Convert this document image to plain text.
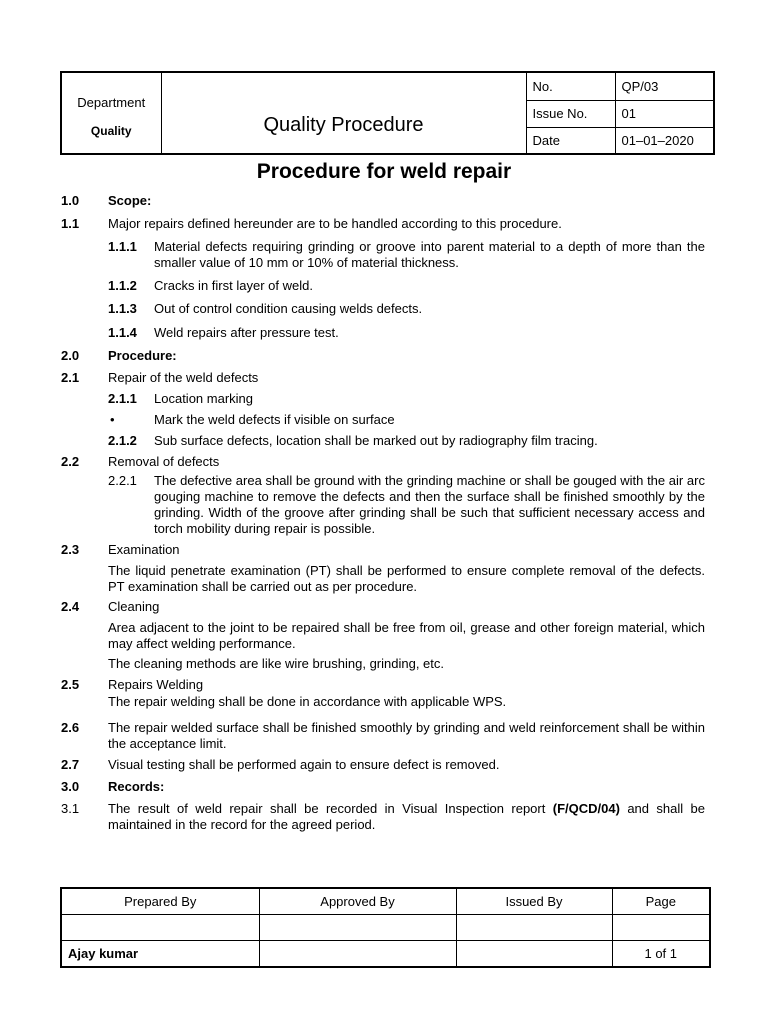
Department
Quality	Quality Procedure	No.	QP/03
		Issue No.	01
		Date	01–01–2020
Procedure for weld repair
1.0 Scope:
1.1 Major repairs defined hereunder are to be handled according to this procedure.
1.1.1 Material defects requiring grinding or groove into parent material to a depth of more than the smaller value of 10 mm or 10% of material thickness.
1.1.2 Cracks in first layer of weld.
1.1.3 Out of control condition causing welds defects.
1.1.4 Weld repairs after pressure test.
2.0 Procedure:
2.1 Repair of the weld defects
2.1.1 Location marking
•	Mark the weld defects if visible on surface
2.1.2 Sub surface defects, location shall be marked out by radiography film tracing.
2.2 Removal of defects
2.2.1 The defective area shall be ground with the grinding machine or shall be gouged with the air arc gouging machine to remove the defects and then the surface shall be finished smoothly by the grinding. Width of the groove after grinding shall be such that sufficient necessary access and torch mobility during repair is possible.
2.3 Examination
The liquid penetrate examination (PT) shall be performed to ensure complete removal of the defects. PT examination shall be carried out as per procedure.
2.4 Cleaning
Area adjacent to the joint to be repaired shall be free from oil, grease and other foreign material, which may affect welding performance.
The cleaning methods are like wire brushing, grinding, etc.
2.5 Repairs Welding
The repair welding shall be done in accordance with applicable WPS.
2.6 The repair welded surface shall be finished smoothly by grinding and weld reinforcement shall be within the acceptance limit.
2.7 Visual testing shall be performed again to ensure defect is removed.
3.0 Records:
3.1 The result of weld repair shall be recorded in Visual Inspection report (F/QCD/04) and shall be maintained in the record for the agreed period.
Prepared By	Approved By	Issued By	Page

Ajay kumar			1 of 1
